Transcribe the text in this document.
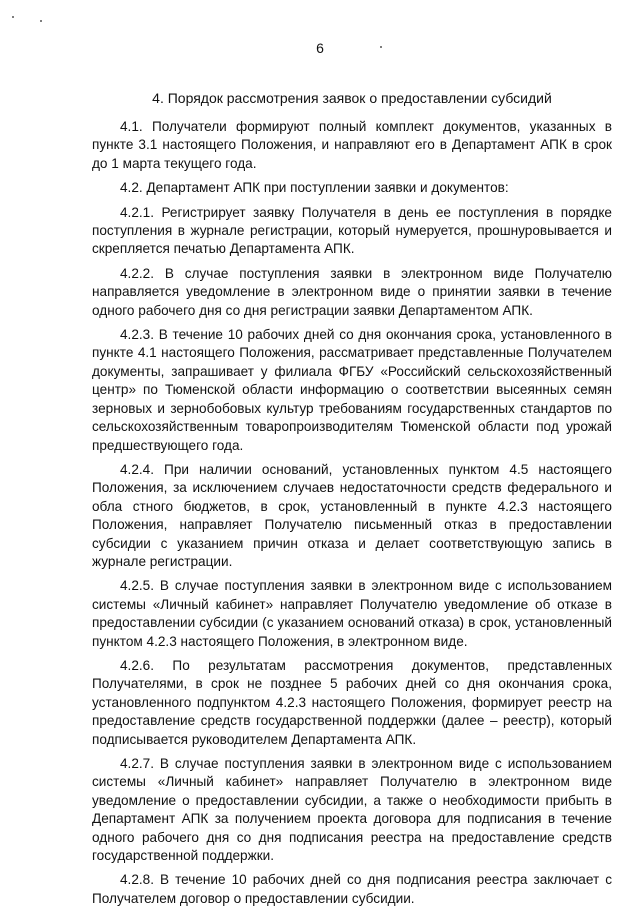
6
4. Порядок рассмотрения заявок о предоставлении субсидий

4.1. Получатели формируют полный комплект документов, указанных в пункте 3.1 настоящего Положения, и направляют его в Департамент АПК в срок до 1 марта текущего года.

4.2. Департамент АПК при поступлении заявки и документов:

4.2.1. Регистрирует заявку Получателя в день ее поступления в порядке поступления в журнале регистрации, который нумеруется, прошнуровывается и скрепляется печатью Департамента АПК.

4.2.2. В случае поступления заявки в электронном виде Получателю направляется уведомление в электронном виде о принятии заявки в течение одного рабочего дня со дня регистрации заявки Департаментом АПК.

4.2.3. В течение 10 рабочих дней со дня окончания срока, установленного в пункте 4.1 настоящего Положения, рассматривает представленные Получателем документы, запрашивает у филиала ФГБУ «Российский сельскохозяйственный центр» по Тюменской области информацию о соответствии высеянных семян зерновых и зернобобовых культур требованиям государственных стандартов по сельскохозяйственным товаропроизводителям Тюменской области под урожай предшествующего года.

4.2.4. При наличии оснований, установленных пунктом 4.5 настоящего Положения, за исключением случаев недостаточности средств федерального и обла стного бюджетов, в срок, установленный в пункте 4.2.3 настоящего Положения, направляет Получателю письменный отказ в предоставлении субсидии с указанием причин отказа и делает соответствующую запись в журнале регистрации.

4.2.5. В случае поступления заявки в электронном виде с использованием системы «Личный кабинет» направляет Получателю уведомление об отказе в предоставлении субсидии (с указанием оснований отказа) в срок, установленный пунктом 4.2.3 настоящего Положения, в электронном виде.

4.2.6. По результатам рассмотрения документов, представленных Получателями, в срок не позднее 5 рабочих дней со дня окончания срока, установленного подпунктом 4.2.3 настоящего Положения, формирует реестр на предоставление средств государственной поддержки (далее – реестр), который подписывается руководителем Департамента АПК.

4.2.7. В случае поступления заявки в электронном виде с использованием системы «Личный кабинет» направляет Получателю в электронном виде уведомление о предоставлении субсидии, а также о необходимости прибыть в Департамент АПК за получением проекта договора для подписания в течение одного рабочего дня со дня подписания реестра на предоставление средств государственной поддержки.

4.2.8. В течение 10 рабочих дней со дня подписания реестра заключает с Получателем договор о предоставлении субсидии.
